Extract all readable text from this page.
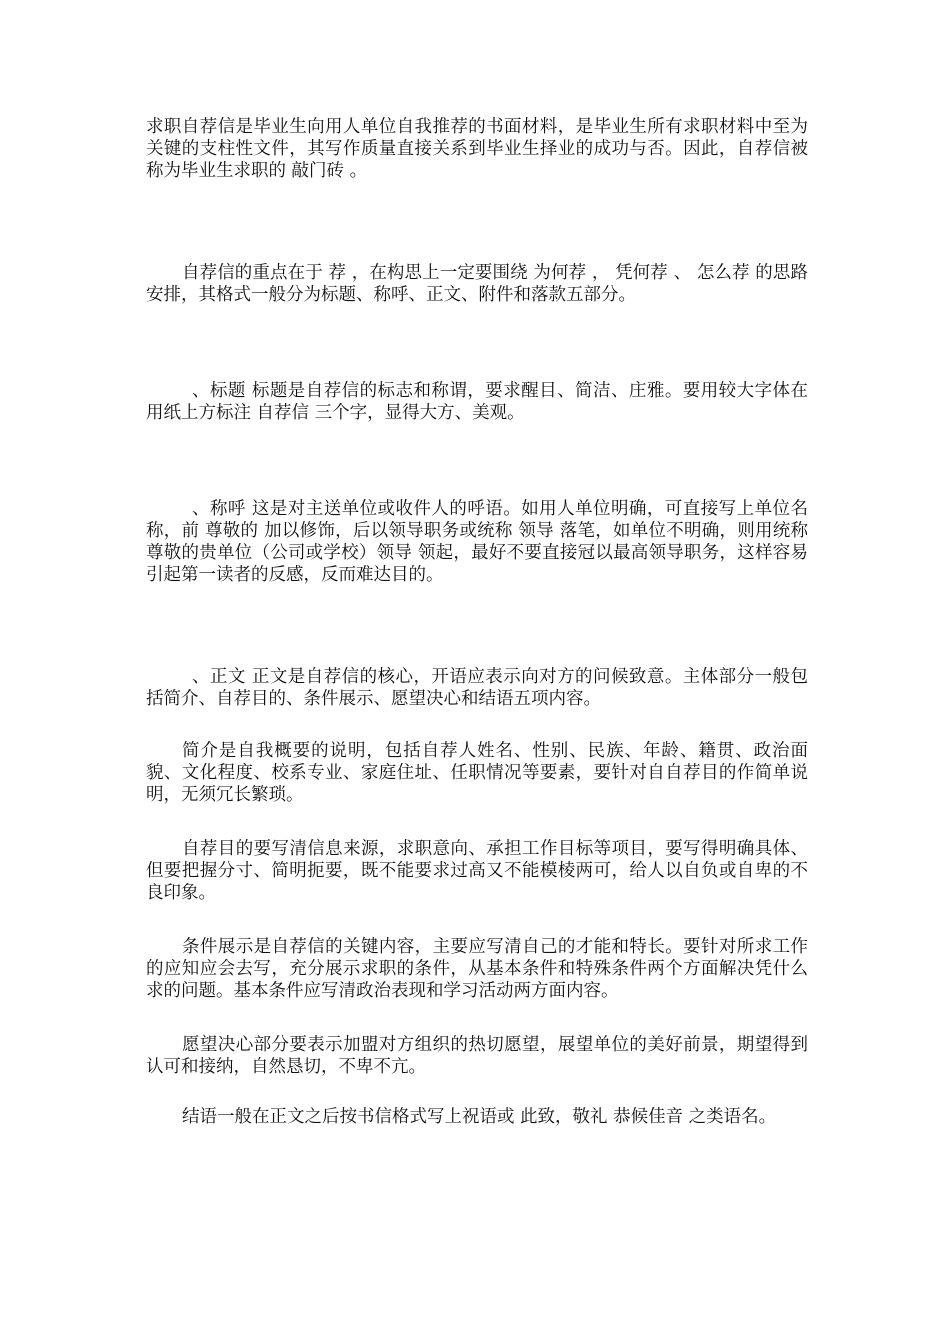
求职自荐信是毕业生向用人单位自我推荐的书面材料，是毕业生所有求职材料中至为关键的支柱性文件，其写作质量直接关系到毕业生择业的成功与否。因此，自荐信被称为毕业生求职的 敲门砖 。

自荐信的重点在于 荐 ，在构思上一定要围绕 为何荐 ， 凭何荐 、 怎么荐 的思路安排，其格式一般分为标题、称呼、正文、附件和落款五部分。

、标题 标题是自荐信的标志和称谓，要求醒目、简洁、庄雅。要用较大字体在用纸上方标注 自荐信 三个字，显得大方、美观。

、称呼 这是对主送单位或收件人的呼语。如用人单位明确，可直接写上单位名称，前 尊敬的 加以修饰，后以领导职务或统称 领导 落笔，如单位不明确，则用统称 尊敬的贵单位（公司或学校）领导 领起，最好不要直接冠以最高领导职务，这样容易引起第一读者的反感，反而难达目的。

、正文 正文是自荐信的核心，开语应表示向对方的问候致意。主体部分一般包括简介、自荐目的、条件展示、愿望决心和结语五项内容。

简介是自我概要的说明，包括自荐人姓名、性别、民族、年龄、籍贯、政治面貌、文化程度、校系专业、家庭住址、任职情况等要素，要针对自自荐目的作简单说明，无须冗长繁琐。

自荐目的要写清信息来源，求职意向、承担工作目标等项目，要写得明确具体、但要把握分寸、简明扼要，既不能要求过高又不能模棱两可，给人以自负或自卑的不良印象。

条件展示是自荐信的关键内容，主要应写清自己的才能和特长。要针对所求工作的应知应会去写，充分展示求职的条件，从基本条件和特殊条件两个方面解决凭什么求的问题。基本条件应写清政治表现和学习活动两方面内容。

愿望决心部分要表示加盟对方组织的热切愿望，展望单位的美好前景，期望得到认可和接纳，自然恳切，不卑不亢。

结语一般在正文之后按书信格式写上祝语或 此致，敬礼 恭候佳音 之类语名。
